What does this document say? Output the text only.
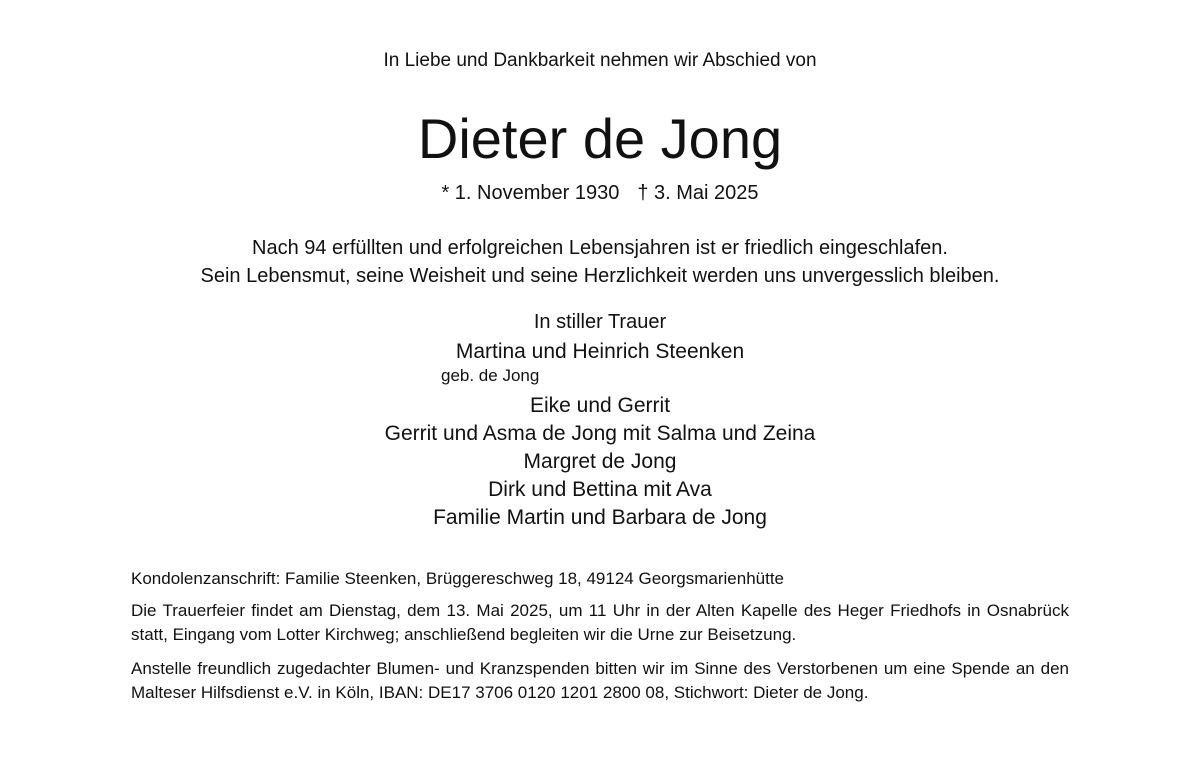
In Liebe und Dankbarkeit nehmen wir Abschied von
Dieter de Jong
* 1. November 1930 † 3. Mai 2025
Nach 94 erfüllten und erfolgreichen Lebensjahren ist er friedlich eingeschlafen.
Sein Lebensmut, seine Weisheit und seine Herzlichkeit werden uns unvergesslich bleiben.
In stiller Trauer
Martina und Heinrich Steenken
geb. de Jong
Eike und Gerrit
Gerrit und Asma de Jong mit Salma und Zeina
Margret de Jong
Dirk und Bettina mit Ava
Familie Martin und Barbara de Jong
Kondolenzanschrift: Familie Steenken, Brüggereschweg 18, 49124 Georgsmarienhütte
Die Trauerfeier findet am Dienstag, dem 13. Mai 2025, um 11 Uhr in der Alten Kapelle des Heger Friedhofs in Osnabrück statt, Eingang vom Lotter Kirchweg; anschließend begleiten wir die Urne zur Beisetzung.
Anstelle freundlich zugedachter Blumen- und Kranzspenden bitten wir im Sinne des Verstorbenen um eine Spende an den Malteser Hilfsdienst e.V. in Köln, IBAN: DE17 3706 0120 1201 2800 08, Stichwort: Dieter de Jong.
